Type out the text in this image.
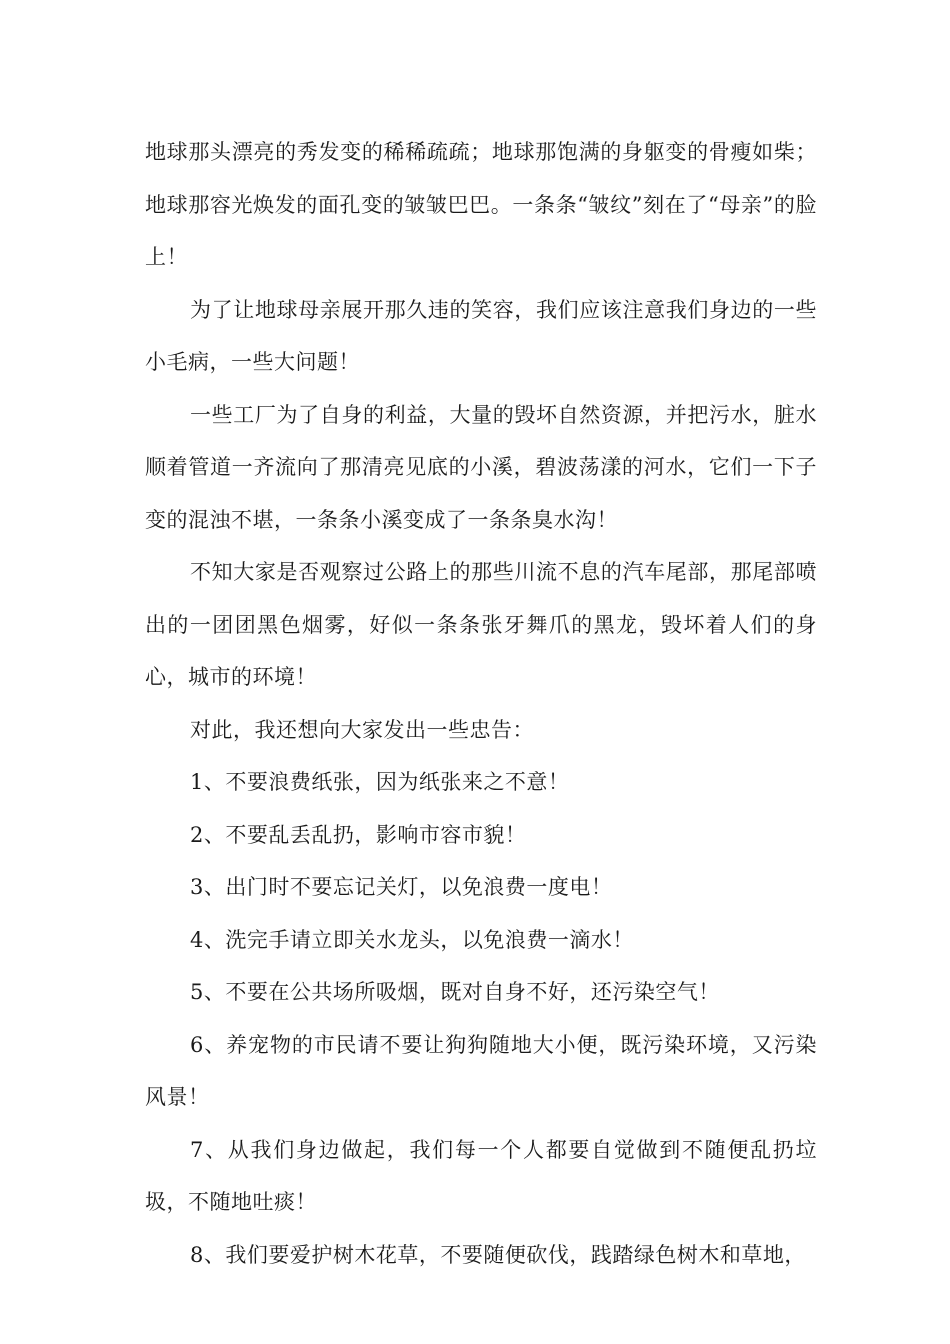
地球那头漂亮的秀发变的稀稀疏疏；地球那饱满的身躯变的骨瘦如柴；地球那容光焕发的面孔变的皱皱巴巴。一条条“皱纹”刻在了“母亲”的脸上！

为了让地球母亲展开那久违的笑容，我们应该注意我们身边的一些小毛病，一些大问题！

一些工厂为了自身的利益，大量的毁坏自然资源，并把污水，脏水顺着管道一齐流向了那清亮见底的小溪，碧波荡漾的河水，它们一下子变的混浊不堪，一条条小溪变成了一条条臭水沟！

不知大家是否观察过公路上的那些川流不息的汽车尾部，那尾部喷出的一团团黑色烟雾，好似一条条张牙舞爪的黑龙，毁坏着人们的身心，城市的环境！

对此，我还想向大家发出一些忠告：

1、不要浪费纸张，因为纸张来之不意！

2、不要乱丢乱扔，影响市容市貌！

3、出门时不要忘记关灯，以免浪费一度电！

4、洗完手请立即关水龙头，以免浪费一滴水！

5、不要在公共场所吸烟，既对自身不好，还污染空气！

6、养宠物的市民请不要让狗狗随地大小便，既污染环境，又污染风景！

7、从我们身边做起，我们每一个人都要自觉做到不随便乱扔垃圾，不随地吐痰！

8、我们要爱护树木花草，不要随便砍伐，践踏绿色树木和草地，
